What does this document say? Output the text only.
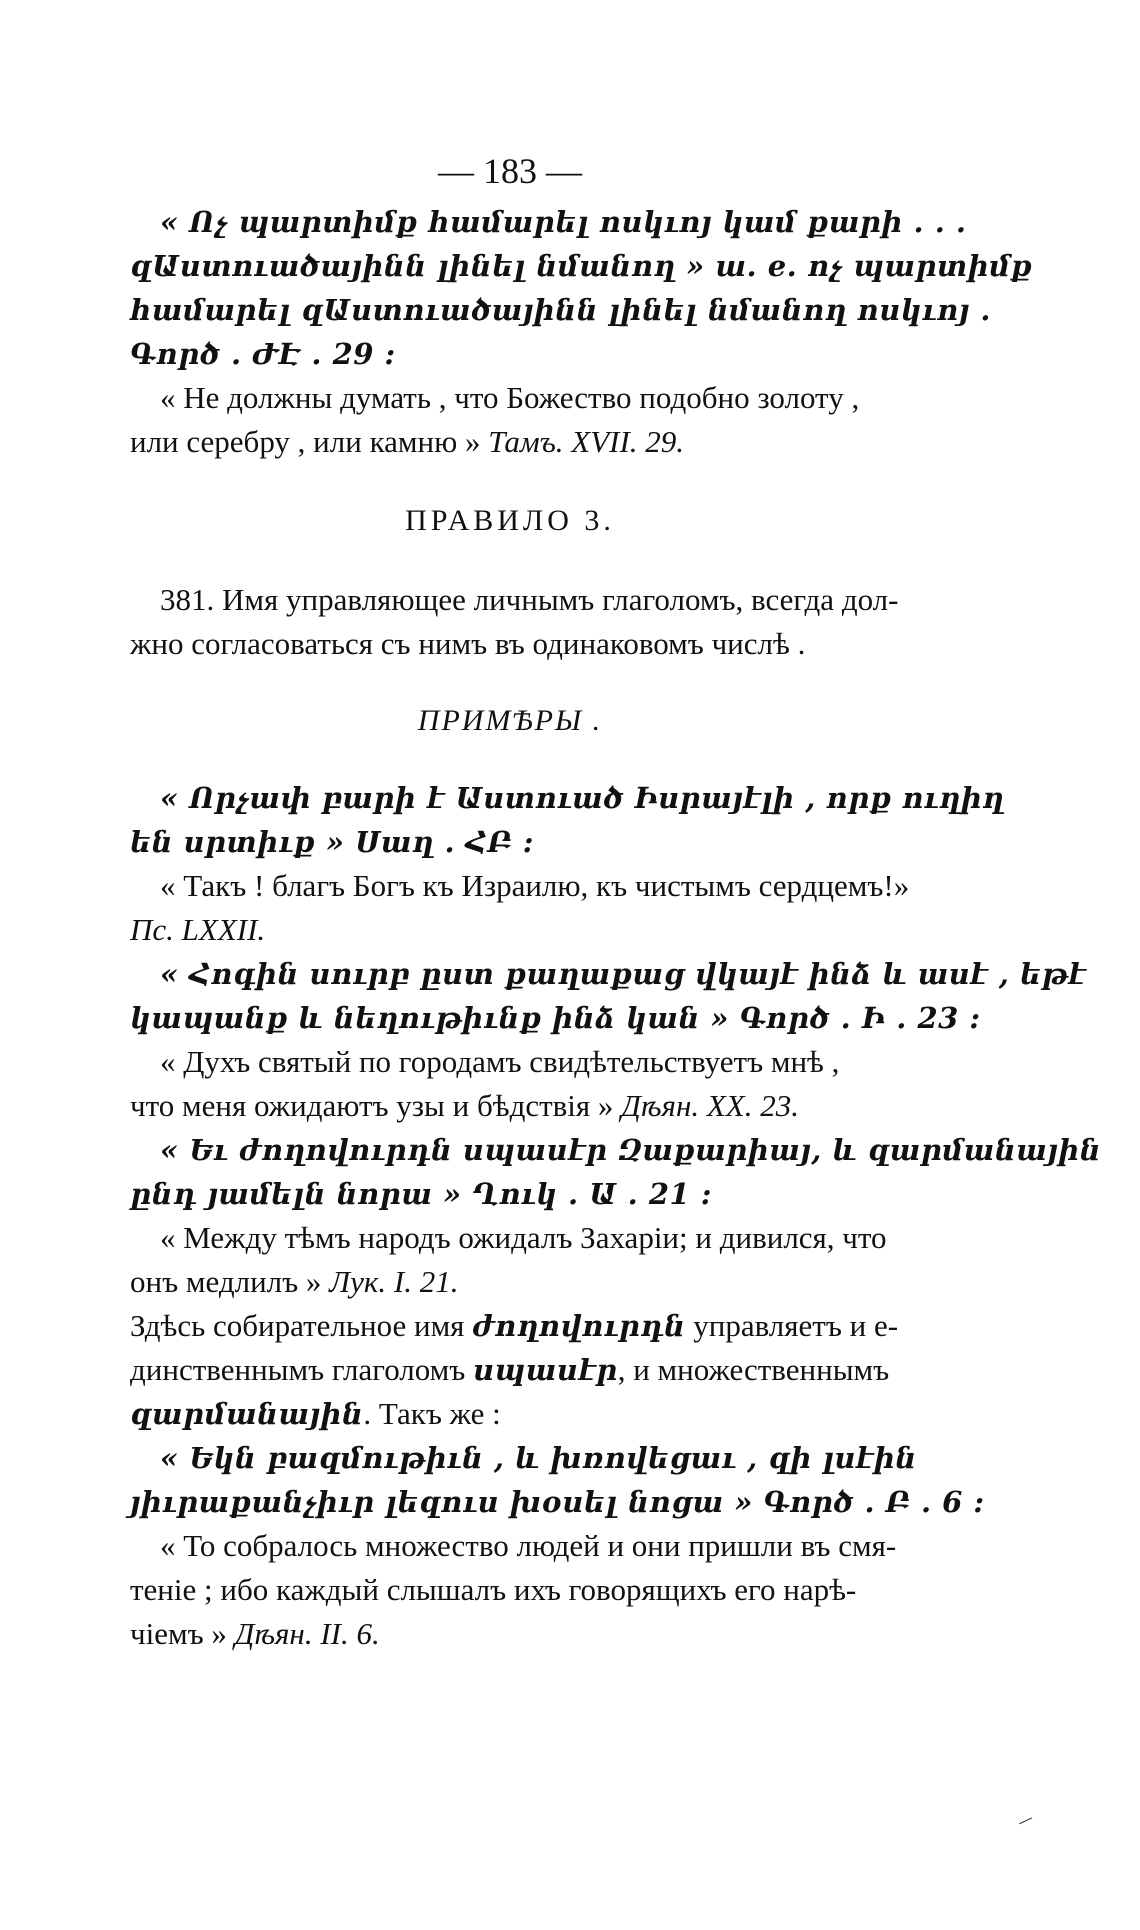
— 183 —
« Ոչ պարտիմք համարել ոսկւոյ կամ քարի . . .
զԱստուածայինն լինել նմանող » ш. е. ոչ պարտիմք
համարել զԱստուածայինն լինել նմանող ոսկւոյ .
Գործ . ԺԷ . 29 :
« Не должны думать , что Божество подобно золоту ,
или серебру , или камню » Тамъ. XVII. 29.
ПРАВИЛО 3.
381. Имя управляющее личнымъ глаголомъ, всегда дол-
жно согласоваться съ нимъ въ одинаковомъ числѣ .
ПРИМѢРЫ .
« Որչափ բարի է Աստուած Իսրայէլի , որք ուղիղ
են սրտիւք » Սաղ . ՀԲ :
« Такъ ! благъ Богъ къ Израилю, къ чистымъ сердцемъ!»
Пс. LXXII.
« Հոգին սուրբ ըստ քաղաքաց վկայէ ինձ և ասէ , եթէ
կապանք և նեղութիւնք ինձ կան » Գործ . Ի . 23 :
« Духъ святый по городамъ свидѣтельствуетъ мнѣ ,
что меня ожидаютъ узы и бѣдствія » Дѣян. XX. 23.
« Եւ ժողովուրդն սպասէր Զաքարիայ, և զարմանային
ընդ յամելն նորա » Ղուկ . Ա . 21 :
« Между тѣмъ народъ ожидалъ Захаріи; и дивился, что
онъ медлилъ » Лук. I. 21.
Здѣсь собирательное имя ժողովուրդն управляетъ и е-
динственнымъ глаголомъ սպասէր, и множественнымъ
զարմանային. Такъ же :
« Եկն բազմութիւն , և խռովեցաւ , զի լսէին
յիւրաքանչիւր լեզուս խօսել նոցա » Գործ . Բ . 6 :
« То собралось множество людей и они пришли въ смя-
теніе ; ибо каждый слышалъ ихъ говорящихъ его нарѣ-
чіемъ » Дѣян. II. 6.
